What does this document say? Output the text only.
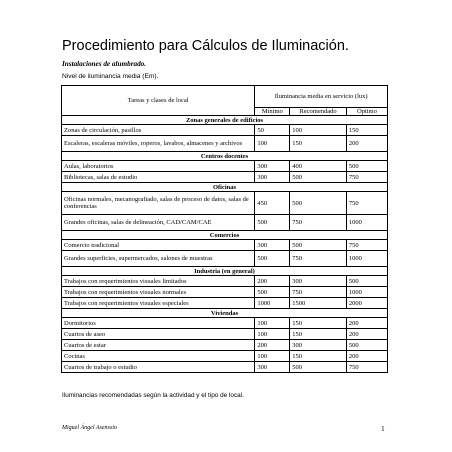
Procedimiento para Cálculos de Iluminación.
Instalaciones de alumbrado.
Nivel de iluminancia media (Em).
Tareas y clases de local	Iluminancia media en servicio (lux)		
	Mínimo	Recomendado	Óptimo
Zonas generales de edificios			
Zonas de circulación, pasillos	50	100	150
Escaleras, escaleras móviles, roperos, lavabos, almacenes y archivos	100	150	200
Centros docentes			
Aulas, laboratorios	300	400	500
Bibliotecas, salas de estudio	300	500	750
Oficinas			
Oficinas normales, mecanografiado, salas de proceso de datos, salas de conferencias	450	500	750
Grandes oficinas, salas de delineación, CAD/CAM/CAE	500	750	1000
Comercios			
Comercio tradicional	300	500	750
Grandes superficies, supermercados, salones de muestras	500	750	1000
Industria (en general)			
Trabajos con requerimientos visuales limitados	200	300	500
Trabajos con requerimientos visuales normales	500	750	1000
Trabajos con requerimientos visuales especiales	1000	1500	2000
Viviendas			
Dormitorios	100	150	200
Cuartos de aseo	100	150	200
Cuartos de estar	200	300	500
Cocinas	100	150	200
Cuartos de trabajo o estudio	300	500	750
Iluminancias recomendadas según la actividad y el tipo de local.
Miguel Ángel Asenssio	1
